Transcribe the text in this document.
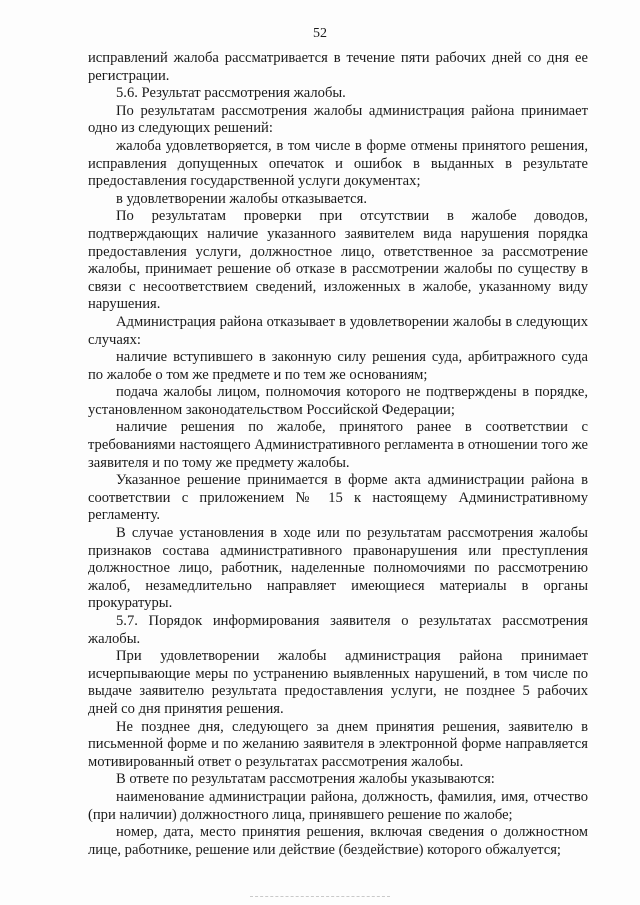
52

исправлений жалоба рассматривается в течение пяти рабочих дней со дня ее регистрации.

5.6. Результат рассмотрения жалобы.

По результатам рассмотрения жалобы администрация района принимает одно из следующих решений:

жалоба удовлетворяется, в том числе в форме отмены принятого решения, исправления допущенных опечаток и ошибок в выданных в результате предоставления государственной услуги документах;

в удовлетворении жалобы отказывается.

По результатам проверки при отсутствии в жалобе доводов, подтверждающих наличие указанного заявителем вида нарушения порядка предоставления услуги, должностное лицо, ответственное за рассмотрение жалобы, принимает решение об отказе в рассмотрении жалобы по существу в связи с несоответствием сведений, изложенных в жалобе, указанному виду нарушения.

Администрация района отказывает в удовлетворении жалобы в следующих случаях:

наличие вступившего в законную силу решения суда, арбитражного суда по жалобе о том же предмете и по тем же основаниям;

подача жалобы лицом, полномочия которого не подтверждены в порядке, установленном законодательством Российской Федерации;

наличие решения по жалобе, принятого ранее в соответствии с требованиями настоящего Административного регламента в отношении того же заявителя и по тому же предмету жалобы.

Указанное решение принимается в форме акта администрации района в соответствии с приложением № 15 к настоящему Административному регламенту.

В случае установления в ходе или по результатам рассмотрения жалобы признаков состава административного правонарушения или преступления должностное лицо, работник, наделенные полномочиями по рассмотрению жалоб, незамедлительно направляет имеющиеся материалы в органы прокуратуры.

5.7. Порядок информирования заявителя о результатах рассмотрения жалобы.

При удовлетворении жалобы администрация района принимает исчерпывающие меры по устранению выявленных нарушений, в том числе по выдаче заявителю результата предоставления услуги, не позднее 5 рабочих дней со дня принятия решения.

Не позднее дня, следующего за днем принятия решения, заявителю в письменной форме и по желанию заявителя в электронной форме направляется мотивированный ответ о результатах рассмотрения жалобы.

В ответе по результатам рассмотрения жалобы указываются:

наименование администрации района, должность, фамилия, имя, отчество (при наличии) должностного лица, принявшего решение по жалобе;

номер, дата, место принятия решения, включая сведения о должностном лице, работнике, решение или действие (бездействие) которого обжалуется;
